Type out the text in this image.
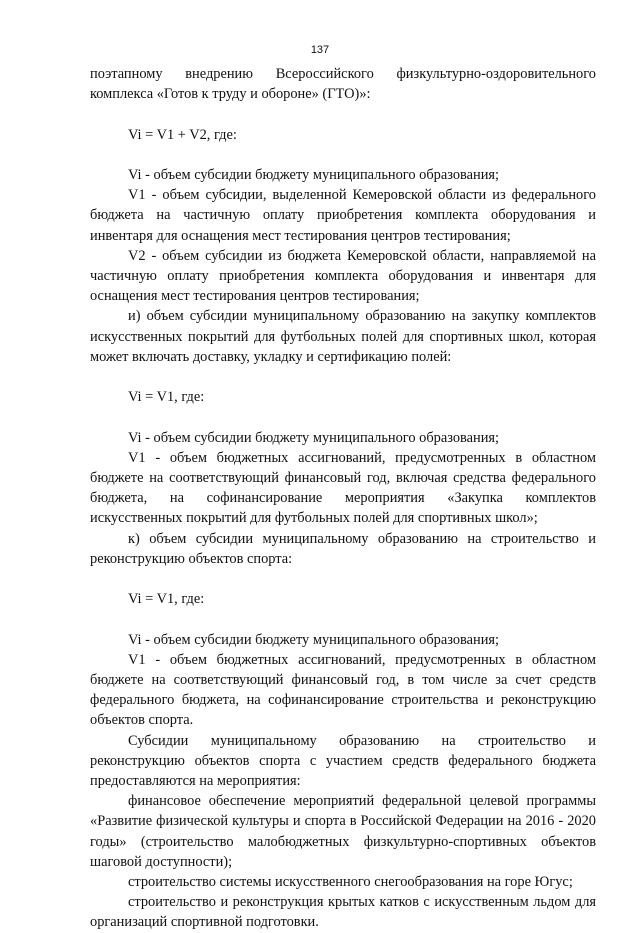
137

поэтапному внедрению Всероссийского физкультурно-оздоровительного комплекса «Готов к труду и обороне» (ГТО)»:

Vi = V1 + V2, где:

Vi - объем субсидии бюджету муниципального образования;

V1 - объем субсидии, выделенной Кемеровской области из федерального бюджета на частичную оплату приобретения комплекта оборудования и инвентаря для оснащения мест тестирования центров тестирования;

V2 - объем субсидии из бюджета Кемеровской области, направляемой на частичную оплату приобретения комплекта оборудования и инвентаря для оснащения мест тестирования центров тестирования;

и) объем субсидии муниципальному образованию на закупку комплектов искусственных покрытий для футбольных полей для спортивных школ, которая может включать доставку, укладку и сертификацию полей:

Vi = V1, где:

Vi - объем субсидии бюджету муниципального образования;

V1 - объем бюджетных ассигнований, предусмотренных в областном бюджете на соответствующий финансовый год, включая средства федерального бюджета, на софинансирование мероприятия «Закупка комплектов искусственных покрытий для футбольных полей для спортивных школ»;

к) объем субсидии муниципальному образованию на строительство и реконструкцию объектов спорта:

Vi = V1, где:

Vi - объем субсидии бюджету муниципального образования;

V1 - объем бюджетных ассигнований, предусмотренных в областном бюджете на соответствующий финансовый год, в том числе за счет средств федерального бюджета, на софинансирование строительства и реконструкцию объектов спорта.

Субсидии муниципальному образованию на строительство и реконструкцию объектов спорта с участием средств федерального бюджета предоставляются на мероприятия:

финансовое обеспечение мероприятий федеральной целевой программы «Развитие физической культуры и спорта в Российской Федерации на 2016 - 2020 годы» (строительство малобюджетных физкультурно-спортивных объектов шаговой доступности);

строительство системы искусственного снегообразования на горе Югус;

строительство и реконструкция крытых катков с искусственным льдом для организаций спортивной подготовки.
